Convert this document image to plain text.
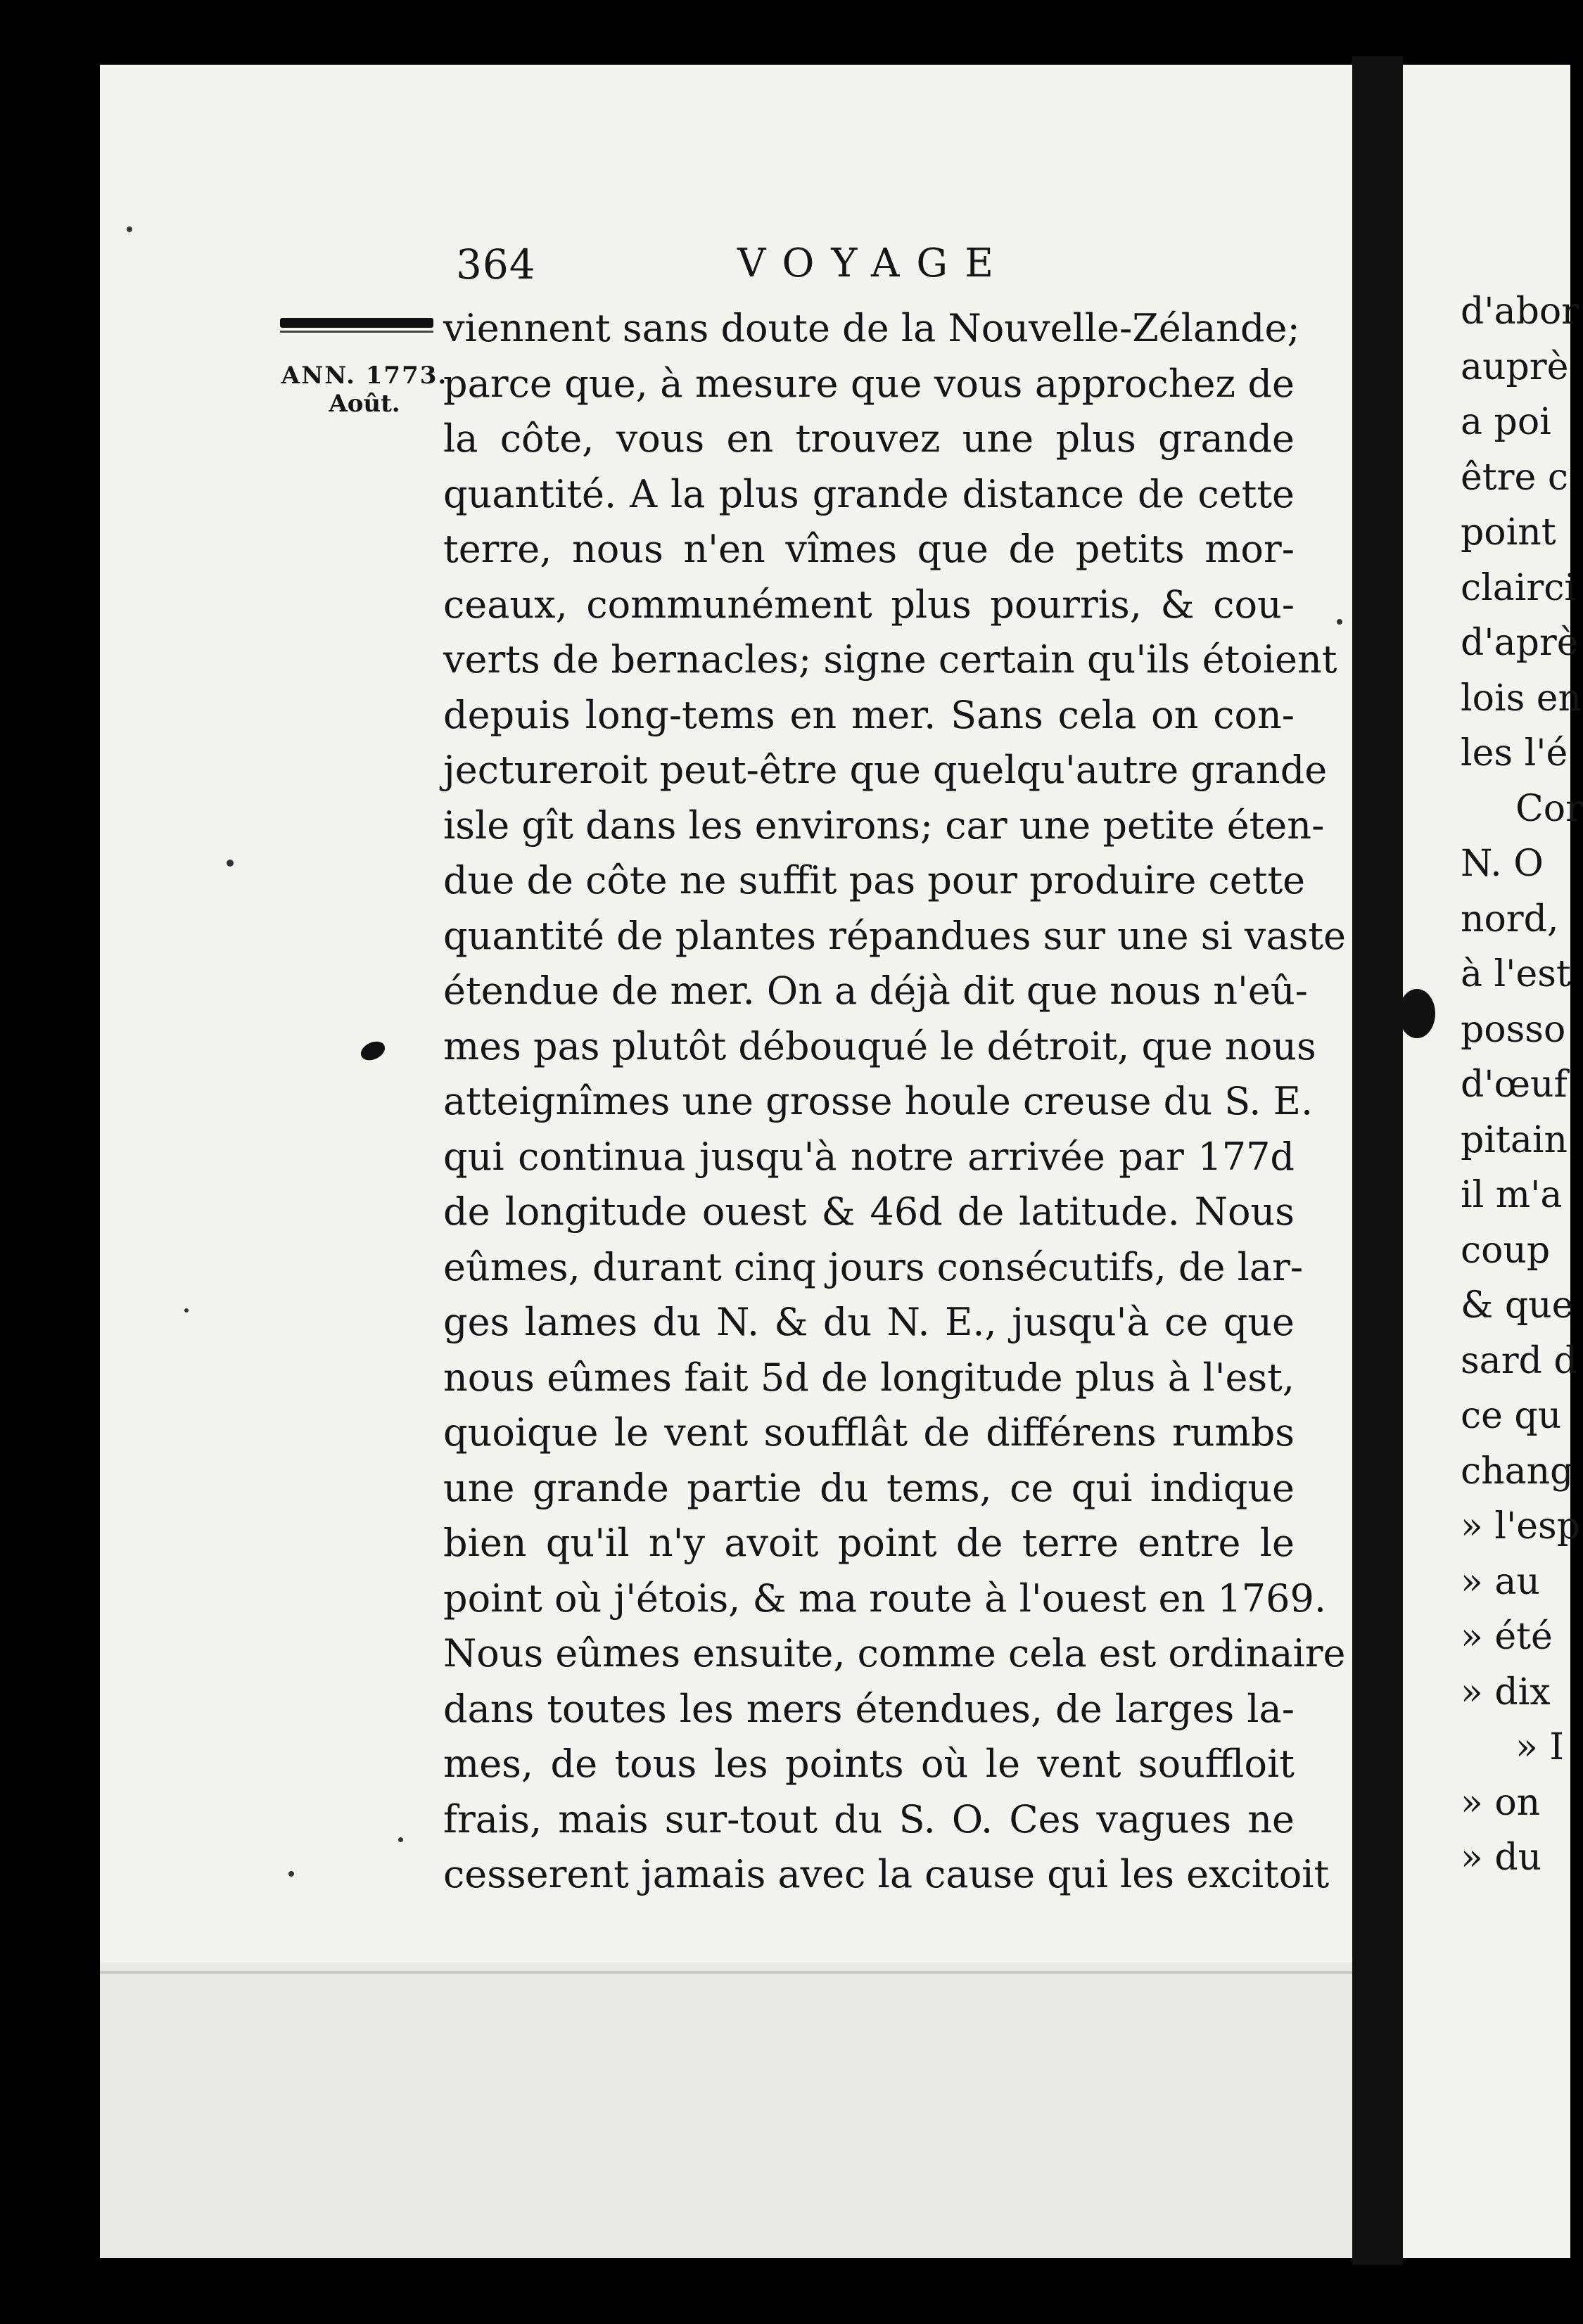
364	VOYAGE
ANN. 1773.
Août.
viennent sans doute de la Nouvelle-Zélande;
parce que, à mesure que vous approchez de
la côte, vous en trouvez une plus grande
quantité. A la plus grande distance de cette
terre, nous n'en vîmes que de petits mor-
ceaux, communément plus pourris, & cou-
verts de bernacles; signe certain qu'ils étoient
depuis long-tems en mer. Sans cela on con-
jectureroit peut-être que quelqu'autre grande
isle gît dans les environs; car une petite éten-
due de côte ne suffit pas pour produire cette
quantité de plantes répandues sur une si vaste
étendue de mer. On a déjà dit que nous n'eû-
mes pas plutôt débouqué le détroit, que nous
atteignîmes une grosse houle creuse du S. E.
qui continua jusqu'à notre arrivée par 177d
de longitude ouest & 46d de latitude. Nous
eûmes, durant cinq jours consécutifs, de lar-
ges lames du N. & du N. E., jusqu'à ce que
nous eûmes fait 5d de longitude plus à l'est,
quoique le vent soufflât de différens rumbs
une grande partie du tems, ce qui indique
bien qu'il n'y avoit point de terre entre le
point où j'étois, & ma route à l'ouest en 1769.
Nous eûmes ensuite, comme cela est ordinaire
dans toutes les mers étendues, de larges la-
mes, de tous les points où le vent souffloit
frais, mais sur-tout du S. O. Ces vagues ne
cesserent jamais avec la cause qui les excitoit
d'abor
auprè
a poi
être c
point
clairci
d'aprè
lois en
les l'é
Cor
N. O
nord,
à l'est
posso
d'œuf
pitain
il m'a
coup
& que
sard d
ce qu
chang
» l'esp
» au
» été
» dix
» I
» on
» du
